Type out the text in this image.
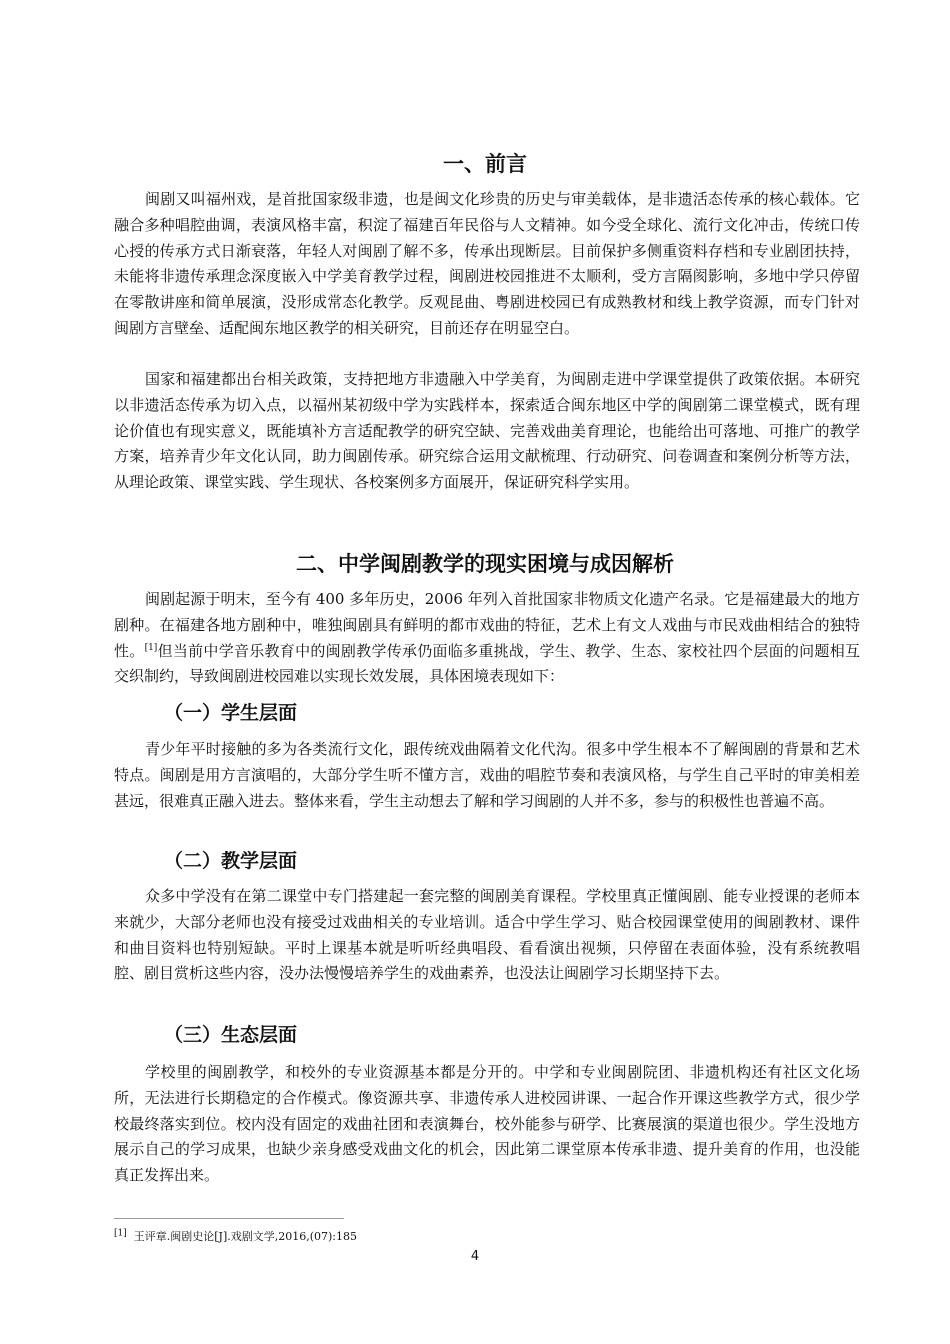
一、前言

闽剧又叫福州戏，是首批国家级非遗，也是闽文化珍贵的历史与审美载体，是非遗活态传承的核心载体。它融合多种唱腔曲调，表演风格丰富，积淀了福建百年民俗与人文精神。如今受全球化、流行文化冲击，传统口传心授的传承方式日渐衰落，年轻人对闽剧了解不多，传承出现断层。目前保护多侧重资料存档和专业剧团扶持，未能将非遗传承理念深度嵌入中学美育教学过程，闽剧进校园推进不太顺利，受方言隔阂影响，多地中学只停留在零散讲座和简单展演，没形成常态化教学。反观昆曲、粤剧进校园已有成熟教材和线上教学资源，而专门针对闽剧方言壁垒、适配闽东地区教学的相关研究，目前还存在明显空白。

国家和福建都出台相关政策，支持把地方非遗融入中学美育，为闽剧走进中学课堂提供了政策依据。本研究以非遗活态传承为切入点，以福州某初级中学为实践样本，探索适合闽东地区中学的闽剧第二课堂模式，既有理论价值也有现实意义，既能填补方言适配教学的研究空缺、完善戏曲美育理论，也能给出可落地、可推广的教学方案，培养青少年文化认同，助力闽剧传承。研究综合运用文献梳理、行动研究、问卷调查和案例分析等方法，从理论政策、课堂实践、学生现状、各校案例多方面展开，保证研究科学实用。

二、中学闽剧教学的现实困境与成因解析

闽剧起源于明末，至今有 400 多年历史，2006 年列入首批国家非物质文化遗产名录。它是福建最大的地方剧种。在福建各地方剧种中，唯独闽剧具有鲜明的都市戏曲的特征，艺术上有文人戏曲与市民戏曲相结合的独特性。[1]但当前中学音乐教育中的闽剧教学传承仍面临多重挑战，学生、教学、生态、家校社四个层面的问题相互交织制约，导致闽剧进校园难以实现长效发展，具体困境表现如下：

（一）学生层面

青少年平时接触的多为各类流行文化，跟传统戏曲隔着文化代沟。很多中学生根本不了解闽剧的背景和艺术特点。闽剧是用方言演唱的，大部分学生听不懂方言，戏曲的唱腔节奏和表演风格，与学生自己平时的审美相差甚远，很难真正融入进去。整体来看，学生主动想去了解和学习闽剧的人并不多，参与的积极性也普遍不高。

（二）教学层面

众多中学没有在第二课堂中专门搭建起一套完整的闽剧美育课程。学校里真正懂闽剧、能专业授课的老师本来就少，大部分老师也没有接受过戏曲相关的专业培训。适合中学生学习、贴合校园课堂使用的闽剧教材、课件和曲目资料也特别短缺。平时上课基本就是听听经典唱段、看看演出视频，只停留在表面体验，没有系统教唱腔、剧目赏析这些内容，没办法慢慢培养学生的戏曲素养，也没法让闽剧学习长期坚持下去。

（三）生态层面

学校里的闽剧教学，和校外的专业资源基本都是分开的。中学和专业闽剧院团、非遗机构还有社区文化场所，无法进行长期稳定的合作模式。像资源共享、非遗传承人进校园讲课、一起合作开课这些教学方式，很少学校最终落实到位。校内没有固定的戏曲社团和表演舞台，校外能参与研学、比赛展演的渠道也很少。学生没地方展示自己的学习成果，也缺少亲身感受戏曲文化的机会，因此第二课堂原本传承非遗、提升美育的作用，也没能真正发挥出来。

[1] 王评章.闽剧史论[J].戏剧文学,2016,(07):185
4
